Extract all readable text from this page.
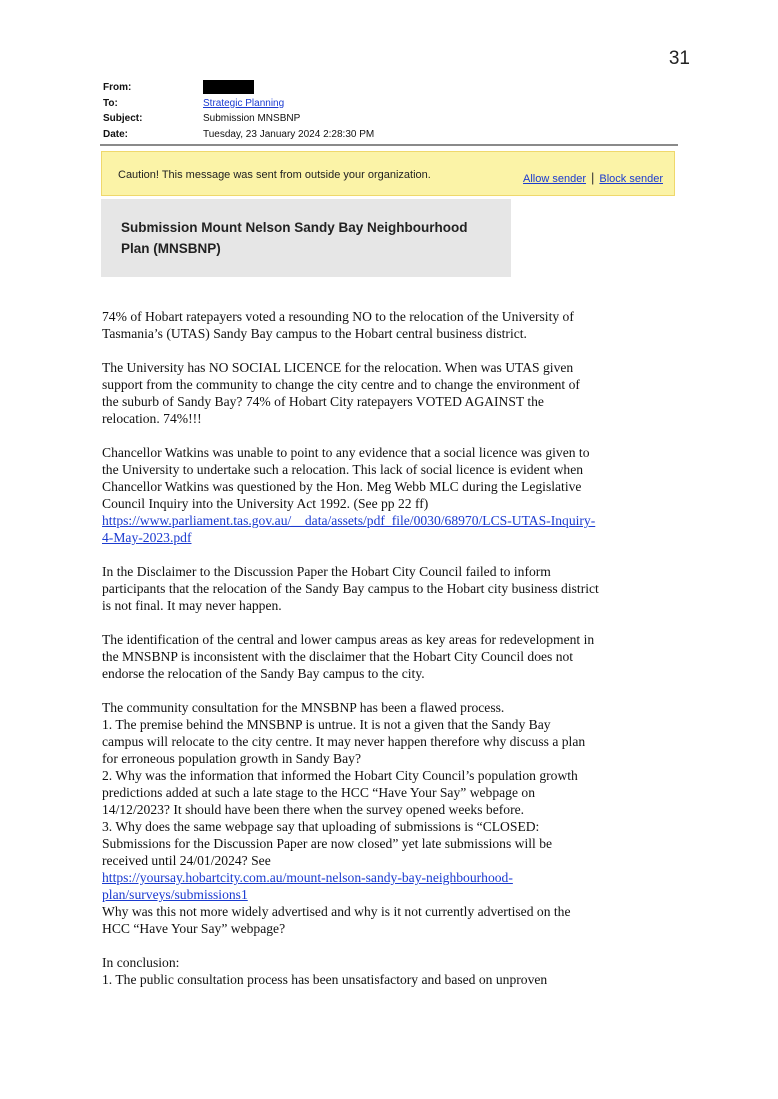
31
From:
To:	Strategic Planning
Subject:	Submission MNSBNP
Date:	Tuesday, 23 January 2024 2:28:30 PM
Caution! This message was sent from outside your organization.	Allow sender | Block sender
Submission Mount Nelson Sandy Bay Neighbourhood
Plan (MNSBNP)
74% of Hobart ratepayers voted a resounding NO to the relocation of the University of
Tasmania’s (UTAS) Sandy Bay campus to the Hobart central business district.
The University has NO SOCIAL LICENCE for the relocation. When was UTAS given
support from the community to change the city centre and to change the environment of
the suburb of Sandy Bay? 74% of Hobart City ratepayers VOTED AGAINST the
relocation. 74%!!!
Chancellor Watkins was unable to point to any evidence that a social licence was given to
the University to undertake such a relocation. This lack of social licence is evident when
Chancellor Watkins was questioned by the Hon. Meg Webb MLC during the Legislative
Council Inquiry into the University Act 1992. (See pp 22 ff)
https://www.parliament.tas.gov.au/__data/assets/pdf_file/0030/68970/LCS-UTAS-Inquiry-
4-May-2023.pdf
In the Disclaimer to the Discussion Paper the Hobart City Council failed to inform
participants that the relocation of the Sandy Bay campus to the Hobart city business district
is not final. It may never happen.
The identification of the central and lower campus areas as key areas for redevelopment in
the MNSBNP is inconsistent with the disclaimer that the Hobart City Council does not
endorse the relocation of the Sandy Bay campus to the city.
The community consultation for the MNSBNP has been a flawed process.
1. The premise behind the MNSBNP is untrue. It is not a given that the Sandy Bay
campus will relocate to the city centre. It may never happen therefore why discuss a plan
for erroneous population growth in Sandy Bay?
2. Why was the information that informed the Hobart City Council’s population growth
predictions added at such a late stage to the HCC “Have Your Say” webpage on
14/12/2023? It should have been there when the survey opened weeks before.
3. Why does the same webpage say that uploading of submissions is “CLOSED:
Submissions for the Discussion Paper are now closed” yet late submissions will be
received until 24/01/2024? See
https://yoursay.hobartcity.com.au/mount-nelson-sandy-bay-neighbourhood-
plan/surveys/submissions1
Why was this not more widely advertised and why is it not currently advertised on the
HCC “Have Your Say” webpage?
In conclusion:
1. The public consultation process has been unsatisfactory and based on unproven
